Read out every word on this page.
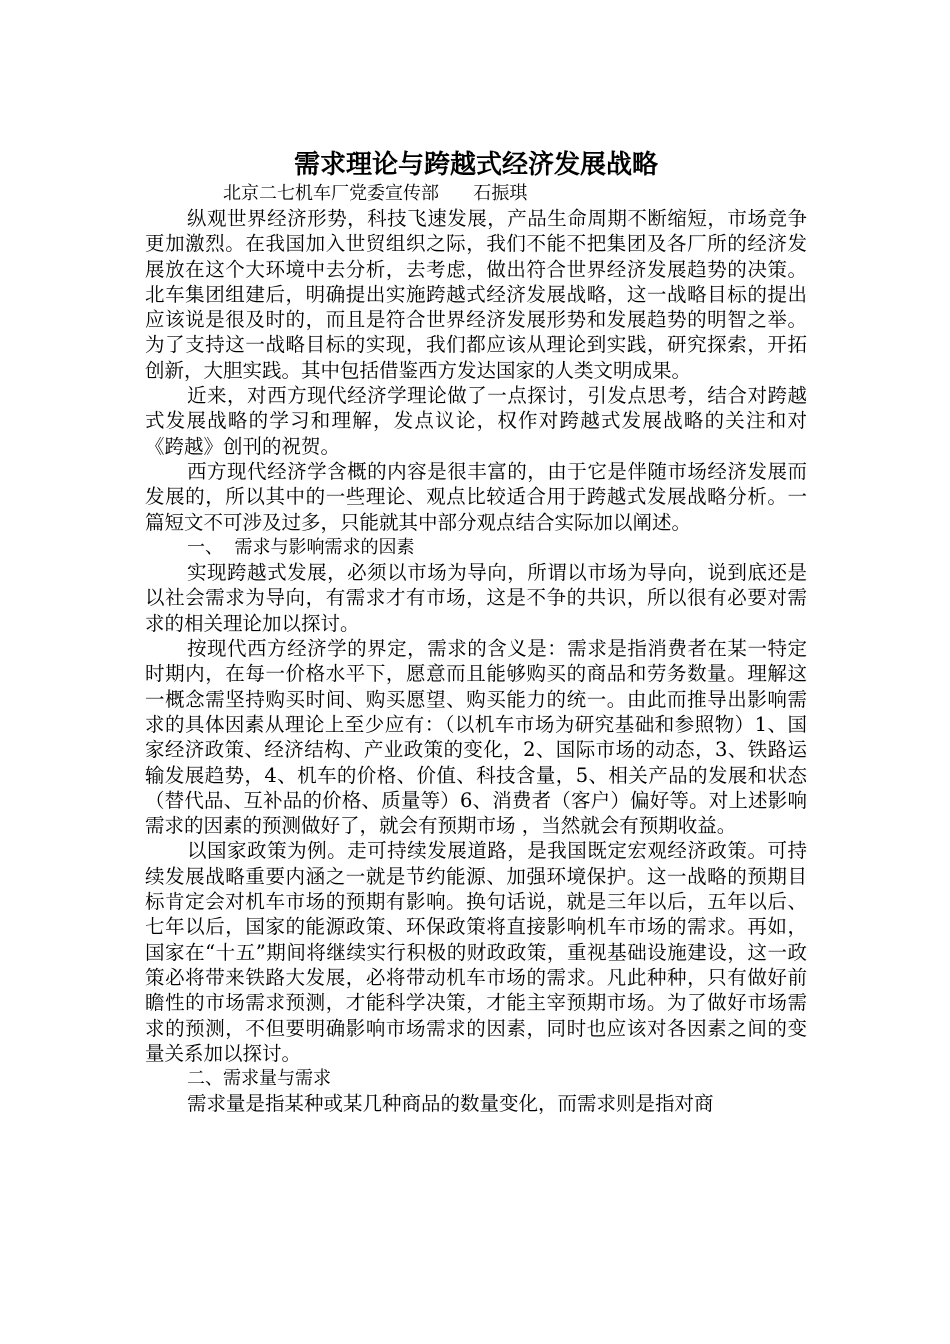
需求理论与跨越式经济发展战略

北京二七机车厂党委宣传部      石振琪

纵观世界经济形势，科技飞速发展，产品生命周期不断缩短，市场竞争更加激烈。在我国加入世贸组织之际，我们不能不把集团及各厂所的经济发展放在这个大环境中去分析，去考虑，做出符合世界经济发展趋势的决策。北车集团组建后，明确提出实施跨越式经济发展战略，这一战略目标的提出应该说是很及时的，而且是符合世界经济发展形势和发展趋势的明智之举。为了支持这一战略目标的实现，我们都应该从理论到实践，研究探索，开拓创新，大胆实践。其中包括借鉴西方发达国家的人类文明成果。

近来，对西方现代经济学理论做了一点探讨，引发点思考，结合对跨越式发展战略的学习和理解，发点议论，权作对跨越式发展战略的关注和对《跨越》创刊的祝贺。

西方现代经济学含概的内容是很丰富的，由于它是伴随市场经济发展而发展的，所以其中的一些理论、观点比较适合用于跨越式发展战略分析。一篇短文不可涉及过多，只能就其中部分观点结合实际加以阐述。

一、  需求与影响需求的因素

实现跨越式发展，必须以市场为导向，所谓以市场为导向，说到底还是以社会需求为导向，有需求才有市场，这是不争的共识，所以很有必要对需求的相关理论加以探讨。

按现代西方经济学的界定，需求的含义是：需求是指消费者在某一特定时期内，在每一价格水平下，愿意而且能够购买的商品和劳务数量。理解这一概念需坚持购买时间、购买愿望、购买能力的统一。由此而推导出影响需求的具体因素从理论上至少应有：（以机车市场为研究基础和参照物）1、国家经济政策、经济结构、产业政策的变化，2、国际市场的动态，3、铁路运输发展趋势，4、机车的价格、价值、科技含量，5、相关产品的发展和状态（替代品、互补品的价格、质量等）6、消费者（客户）偏好等。对上述影响需求的因素的预测做好了，就会有预期市场 ，当然就会有预期收益。

以国家政策为例。走可持续发展道路，是我国既定宏观经济政策。可持续发展战略重要内涵之一就是节约能源、加强环境保护。这一战略的预期目标肯定会对机车市场的预期有影响。换句话说，就是三年以后，五年以后、七年以后，国家的能源政策、环保政策将直接影响机车市场的需求。再如，国家在“十五”期间将继续实行积极的财政政策，重视基础设施建设，这一政策必将带来铁路大发展，必将带动机车市场的需求。凡此种种，只有做好前瞻性的市场需求预测，才能科学决策，才能主宰预期市场。为了做好市场需求的预测，不但要明确影响市场需求的因素，同时也应该对各因素之间的变量关系加以探讨。

二、需求量与需求

需求量是指某种或某几种商品的数量变化，而需求则是指对商
